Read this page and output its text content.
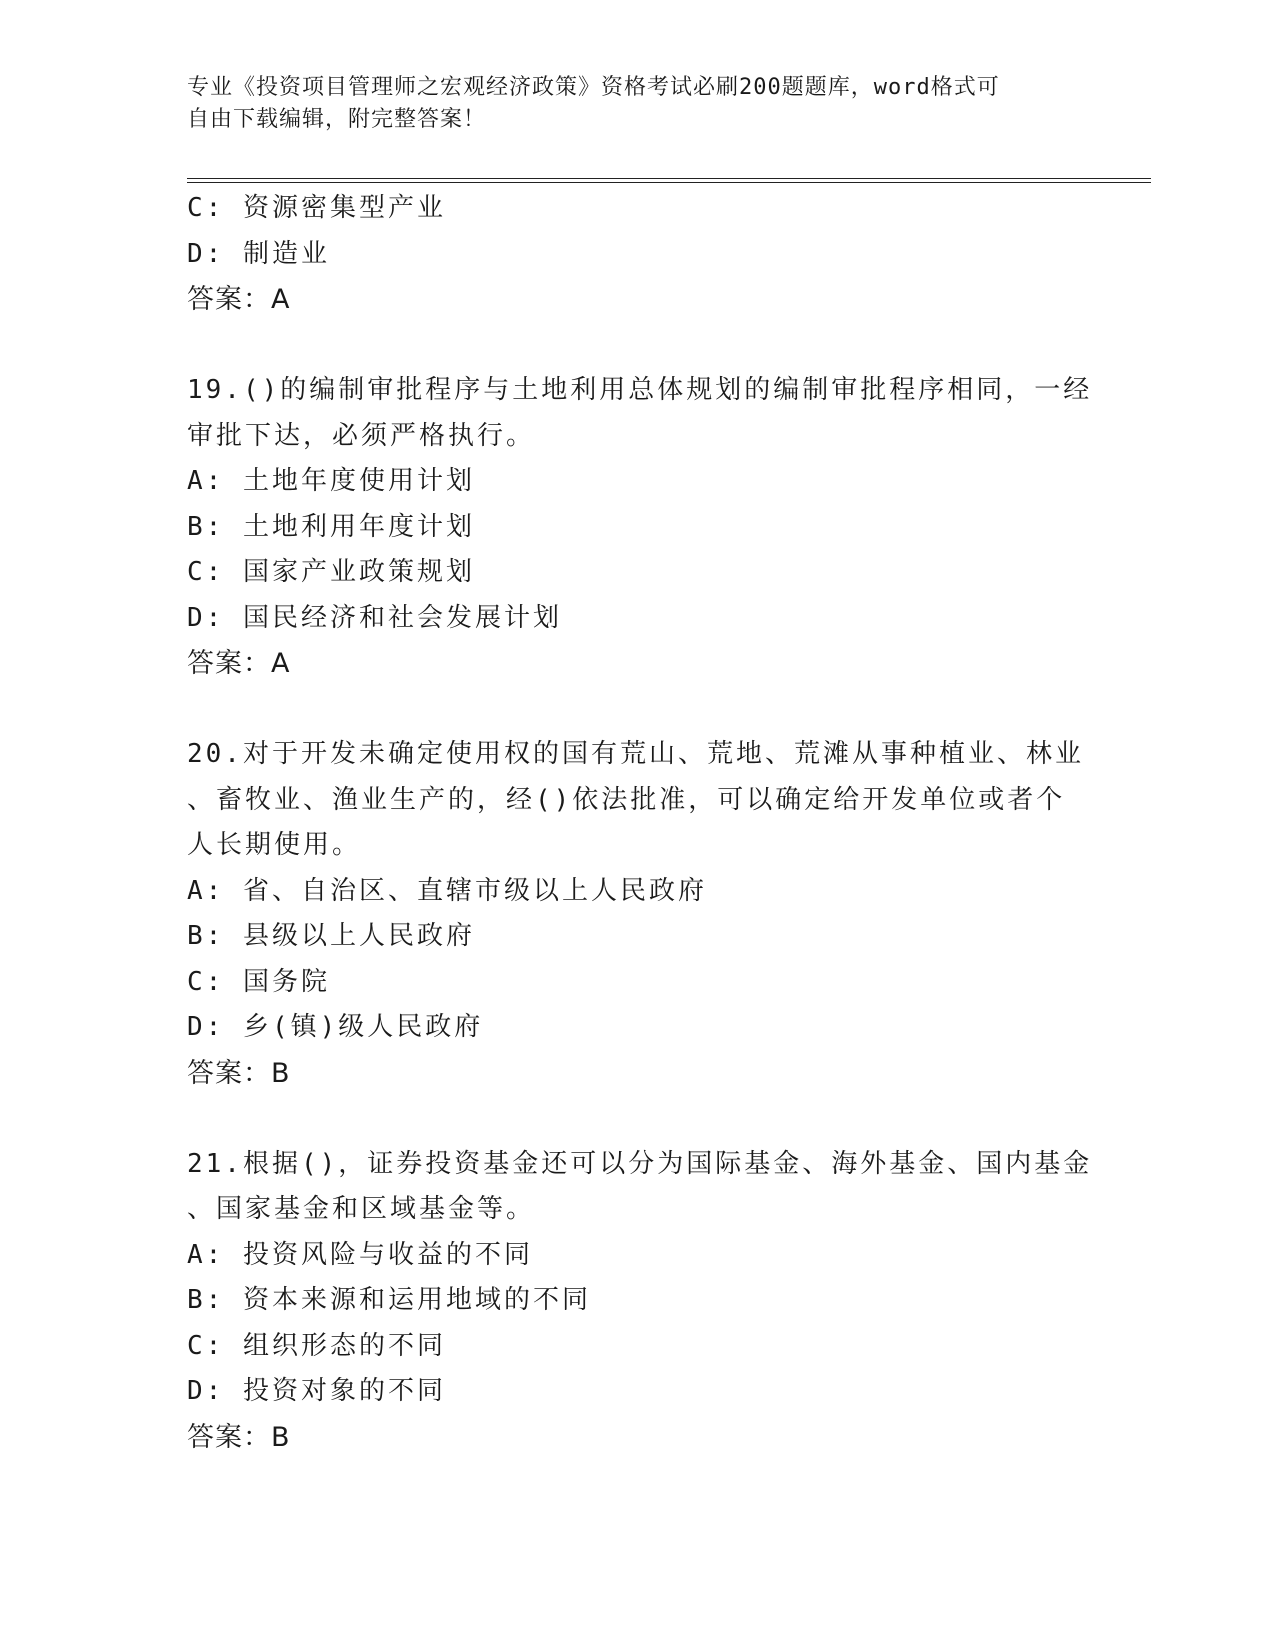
专业《投资项目管理师之宏观经济政策》资格考试必刷200题题库，word格式可
自由下载编辑，附完整答案！
C: 资源密集型产业
D: 制造业
答案：A
19.()的编制审批程序与土地利用总体规划的编制审批程序相同，一经
审批下达，必须严格执行。
A: 土地年度使用计划
B: 土地利用年度计划
C: 国家产业政策规划
D: 国民经济和社会发展计划
答案：A
20.对于开发未确定使用权的国有荒山、荒地、荒滩从事种植业、林业
、畜牧业、渔业生产的，经()依法批准，可以确定给开发单位或者个
人长期使用。
A: 省、自治区、直辖市级以上人民政府
B: 县级以上人民政府
C: 国务院
D: 乡(镇)级人民政府
答案：B
21.根据()，证券投资基金还可以分为国际基金、海外基金、国内基金
、国家基金和区域基金等。
A: 投资风险与收益的不同
B: 资本来源和运用地域的不同
C: 组织形态的不同
D: 投资对象的不同
答案：B
